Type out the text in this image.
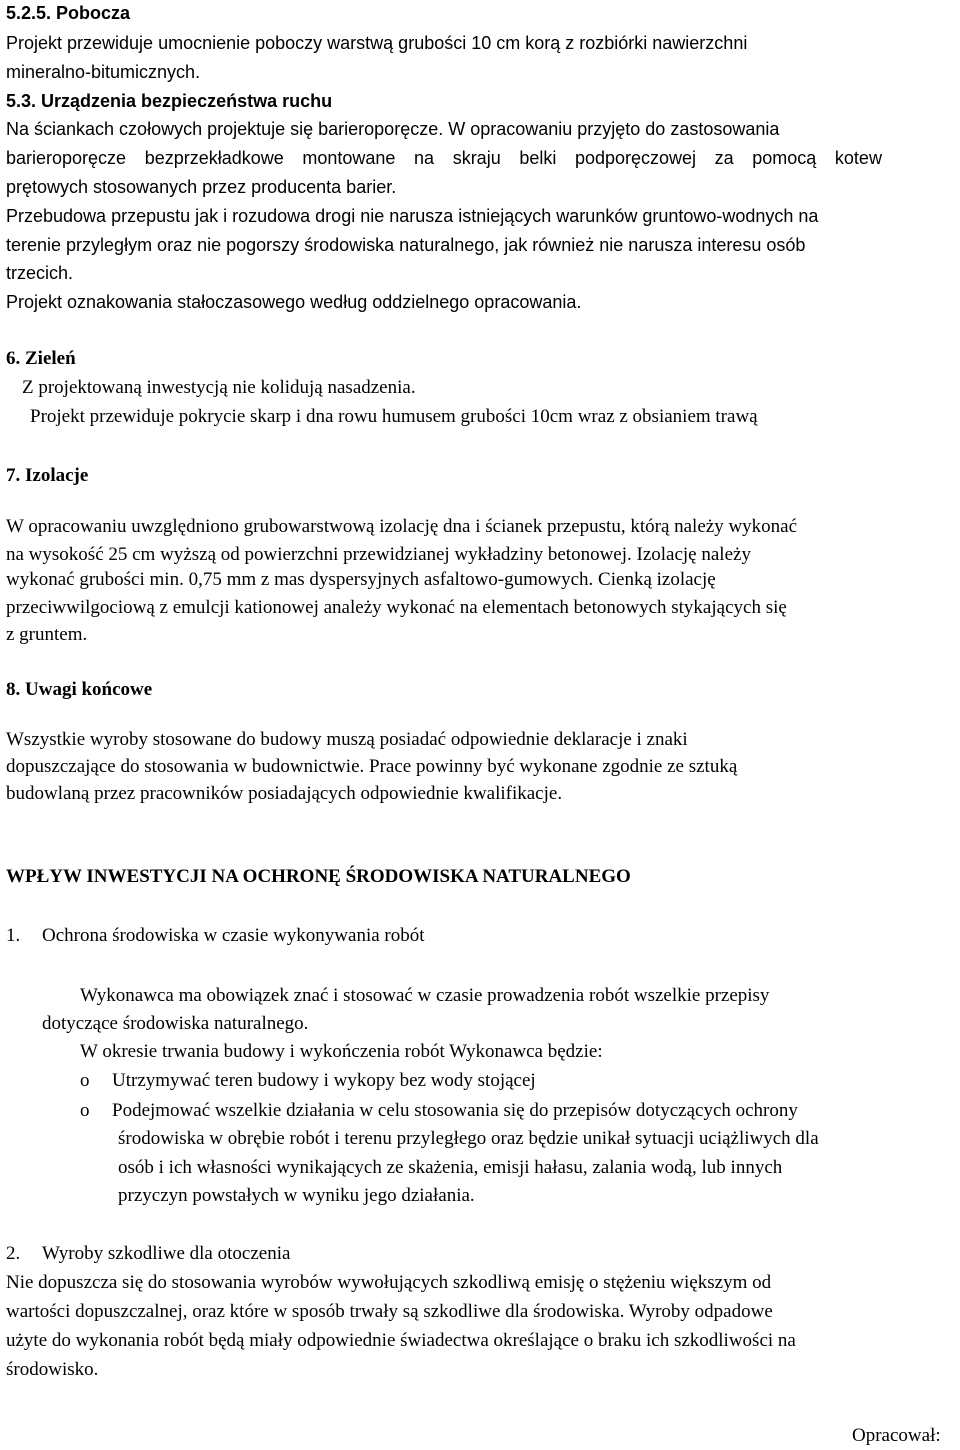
5.2.5. Pobocza
Projekt przewiduje umocnienie poboczy warstwą grubości 10 cm korą z rozbiórki nawierzchni
mineralno-bitumicznych.
5.3. Urządzenia bezpieczeństwa ruchu
Na ściankach czołowych projektuje się barieroporęcze. W opracowaniu przyjęto do zastosowania
barieroporęcze bezprzekładkowe montowane na skraju belki podporęczowej za pomocą kotew
prętowych stosowanych przez producenta barier.
Przebudowa przepustu jak i rozudowa drogi nie narusza istniejących warunków gruntowo-wodnych na
terenie przyległym oraz nie pogorszy środowiska naturalnego, jak również nie narusza interesu osób
trzecich.
Projekt oznakowania stałoczasowego według oddzielnego opracowania.
6. Zieleń
Z projektowaną inwestycją nie kolidują nasadzenia.
Projekt przewiduje pokrycie skarp i dna rowu humusem grubości 10cm wraz z obsianiem trawą
7. Izolacje
W opracowaniu uwzględniono grubowarstwową izolację dna i ścianek przepustu, którą należy wykonać
na wysokość 25 cm wyższą od powierzchni przewidzianej wykładziny betonowej. Izolację należy
wykonać grubości min. 0,75 mm z mas dyspersyjnych asfaltowo-gumowych. Cienką izolację
przeciwwilgociową z emulcji kationowej anależy wykonać na elementach betonowych stykających się
z gruntem.
8. Uwagi końcowe
Wszystkie wyroby stosowane do budowy muszą posiadać odpowiednie deklaracje i znaki
dopuszczające do stosowania w budownictwie. Prace powinny być wykonane zgodnie ze sztuką
budowlaną przez pracowników posiadających odpowiednie kwalifikacje.
WPŁYW INWESTYCJI NA OCHRONĘ ŚRODOWISKA NATURALNEGO
1. Ochrona środowiska w czasie wykonywania robót
Wykonawca ma obowiązek znać i stosować w czasie prowadzenia robót wszelkie przepisy
dotyczące środowiska naturalnego.
W okresie trwania budowy i wykończenia robót Wykonawca będzie:
o Utrzymywać teren budowy i wykopy bez wody stojącej
o Podejmować wszelkie działania w celu stosowania się do przepisów dotyczących ochrony
środowiska w obrębie robót i terenu przyległego oraz będzie unikał sytuacji uciążliwych dla
osób i ich własności wynikających ze skażenia, emisji hałasu, zalania wodą, lub innych
przyczyn powstałych w wyniku jego działania.
2. Wyroby szkodliwe dla otoczenia
Nie dopuszcza się do stosowania wyrobów wywołujących szkodliwą emisję o stężeniu większym od
wartości dopuszczalnej, oraz które w sposób trwały są szkodliwe dla środowiska. Wyroby odpadowe
użyte do wykonania robót będą miały odpowiednie świadectwa określające o braku ich szkodliwości na
środowisko.
Opracował:
